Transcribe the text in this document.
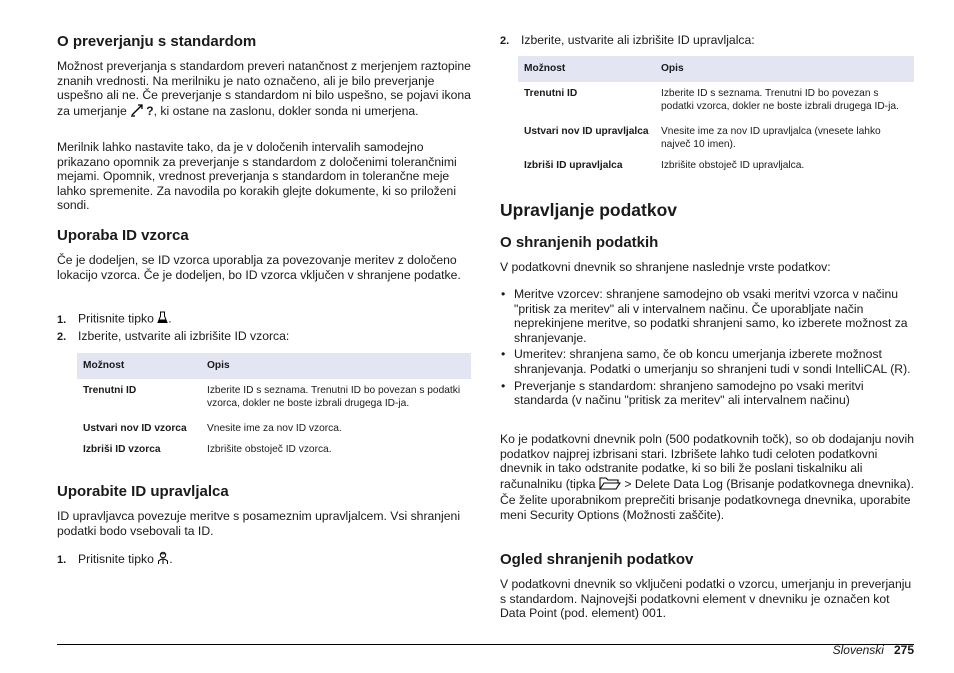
O preverjanju s standardom

Možnost preverjanja s standardom preveri natančnost z merjenjem raztopine znanih vrednosti. Na merilniku je nato označeno, ali je bilo preverjanje uspešno ali ne. Če preverjanje s standardom ni bilo uspešno, se pojavi ikona za umerjanje ?, ki ostane na zaslonu, dokler sonda ni umerjena.

Merilnik lahko nastavite tako, da je v določenih intervalih samodejno prikazano opomnik za preverjanje s standardom z določenimi tolerančnimi mejami. Opomnik, vrednost preverjanja s standardom in tolerančne meje lahko spremenite. Za navodila po korakih glejte dokumente, ki so priloženi sondi.

Uporaba ID vzorca

Če je dodeljen, se ID vzorca uporablja za povezovanje meritev z določeno lokacijo vzorca. Če je dodeljen, bo ID vzorca vključen v shranjene podatke.

1. Pritisnite tipko .
2. Izberite, ustvarite ali izbrišite ID vzorca:
Možnost	Opis
Trenutni ID	Izberite ID s seznama. Trenutni ID bo povezan s podatki vzorca, dokler ne boste izbrali drugega ID-ja.
Ustvari nov ID vzorca	Vnesite ime za nov ID vzorca.
Izbriši ID vzorca	Izbrišite obstoječ ID vzorca.
Uporabite ID upravljalca

ID upravljavca povezuje meritve s posameznim upravljalcem. Vsi shranjeni podatki bodo vsebovali ta ID.

1. Pritisnite tipko .
2. Izberite, ustvarite ali izbrišite ID upravljalca:
Možnost	Opis
Trenutni ID	Izberite ID s seznama. Trenutni ID bo povezan s podatki vzorca, dokler ne boste izbrali drugega ID-ja.
Ustvari nov ID upravljalca	Vnesite ime za nov ID upravljalca (vnesete lahko največ 10 imen).
Izbriši ID upravljalca	Izbrišite obstoječ ID upravljalca.
Upravljanje podatkov
O shranjenih podatkih

V podatkovni dnevnik so shranjene naslednje vrste podatkov:

• Meritve vzorcev: shranjene samodejno ob vsaki meritvi vzorca v načinu "pritisk za meritev" ali v intervalnem načinu. Če uporabljate način neprekinjene meritve, so podatki shranjeni samo, ko izberete možnost za shranjevanje.
• Umeritev: shranjena samo, če ob koncu umerjanja izberete možnost shranjevanja. Podatki o umerjanju so shranjeni tudi v sondi IntelliCAL (R).
• Preverjanje s standardom: shranjeno samodejno po vsaki meritvi standarda (v načinu "pritisk za meritev" ali intervalnem načinu)

Ko je podatkovni dnevnik poln (500 podatkovnih točk), so ob dodajanju novih podatkov najprej izbrisani stari. Izbrišete lahko tudi celoten podatkovni dnevnik in tako odstranite podatke, ki so bili že poslani tiskalniku ali računalniku (tipka > Delete Data Log (Brisanje podatkovnega dnevnika). Če želite uporabnikom preprečiti brisanje podatkovnega dnevnika, uporabite meni Security Options (Možnosti zaščite).

Ogled shranjenih podatkov

V podatkovni dnevnik so vključeni podatki o vzorcu, umerjanju in preverjanju s standardom. Najnovejši podatkovni element v dnevniku je označen kot Data Point (pod. element) 001.

Slovenski 275
